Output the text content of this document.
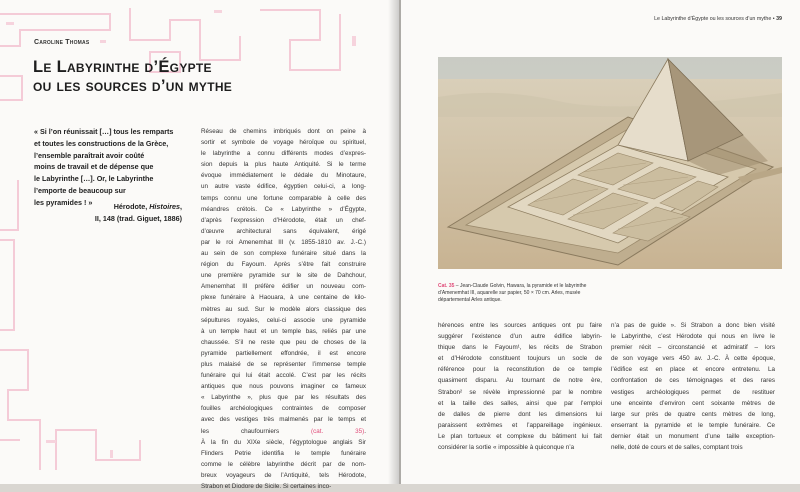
Caroline Thomas
Le Labyrinthe d’Égypte
ou les sources d’un mythe
« Si l’on réunissait […] tous les remparts
et toutes les constructions de la Grèce,
l’ensemble paraîtrait avoir coûté
moins de travail et de dépense que
le Labyrinthe […]. Or, le Labyrinthe
l’emporte de beaucoup sur
les pyramides ! »	Hérodote, Histoires,
II, 148 (trad. Giguet, 1886)
Réseau de chemins imbriqués dont on peine à
sortir et symbole de voyage héroïque ou spirituel,
le labyrinthe a connu différents modes d’expres-
sion depuis la plus haute Antiquité. Si le terme
évoque immédiatement le dédale du Minotaure,
un autre vaste édifice, égyptien celui-ci, a long-
temps connu une fortune comparable à celle des
méandres crétois. Ce « Labyrinthe » d’Égypte,
d’après l’expression d’Hérodote, était un chef-
d’œuvre architectural sans équivalent, érigé
par le roi Amenemhat III (v. 1855-1810 av. J.-C.)
au sein de son complexe funéraire situé dans la
région du Fayoum. Après s’être fait construire
une première pyramide sur le site de Dahchour,
Amenemhat III préfère édifier un nouveau com-
plexe funéraire à Haouara, à une centaine de kilo-
mètres au sud. Sur le modèle alors classique des
sépultures royales, celui-ci associe une pyramide
à un temple haut et un temple bas, reliés par une
chaussée. S’il ne reste que peu de choses de la
pyramide partiellement effondrée, il est encore
plus malaisé de se représenter l’immense temple
funéraire qui lui était accolé. C’est par les récits
antiques que nous pouvons imaginer ce fameux
« Labyrinthe », plus que par les résultats des
fouilles archéologiques contraintes de composer
avec des vestiges très malmenés par le temps et
les chaufourniers (cat. 35).
À la fin du XIXe siècle, l’égyptologue anglais Sir
Flinders Petrie identifia le temple funéraire
comme le célèbre labyrinthe décrit par de nom-
breux voyageurs de l’Antiquité, tels Hérodote,
Strabon et Diodore de Sicile. Si certaines inco-
Le Labyrinthe d’Égypte ou les sources d’un mythe • 39
Cat. 35 – Jean-Claude Golvin, Hawara, la pyramide et le labyrinthe d’Amenemhat III, aquarelle sur papier, 50 × 70 cm. Arles, musée départemental Arles antique.
hérences entre les sources antiques ont pu faire
suggérer l’existence d’un autre édifice labyrin-
thique dans le Fayoum¹, les récits de Strabon
et d’Hérodote constituent toujours un socle de
référence pour la reconstitution de ce temple
quasiment disparu. Au tournant de notre ère,
Strabon² se révèle impressionné par le nombre
et la taille des salles, ainsi que par l’emploi
de dalles de pierre dont les dimensions lui
paraissent extrêmes et l’appareillage ingénieux.
Le plan tortueux et complexe du bâtiment lui fait
considérer la sortie « impossible à quiconque n’a
n’a pas de guide ». Si Strabon a donc bien visité
le Labyrinthe, c’est Hérodote qui nous en livre le
premier récit – circonstancié et admiratif – lors
de son voyage vers 450 av. J.-C. À cette époque,
l’édifice est en place et encore entretenu. La
confrontation de ces témoignages et des rares
vestiges archéologiques permet de restituer
une enceinte d’environ cent soixante mètres de
large sur près de quatre cents mètres de long,
enserrant la pyramide et le temple funéraire. Ce
dernier était un monument d’une taille exception-
nelle, doté de cours et de salles, comptant trois
